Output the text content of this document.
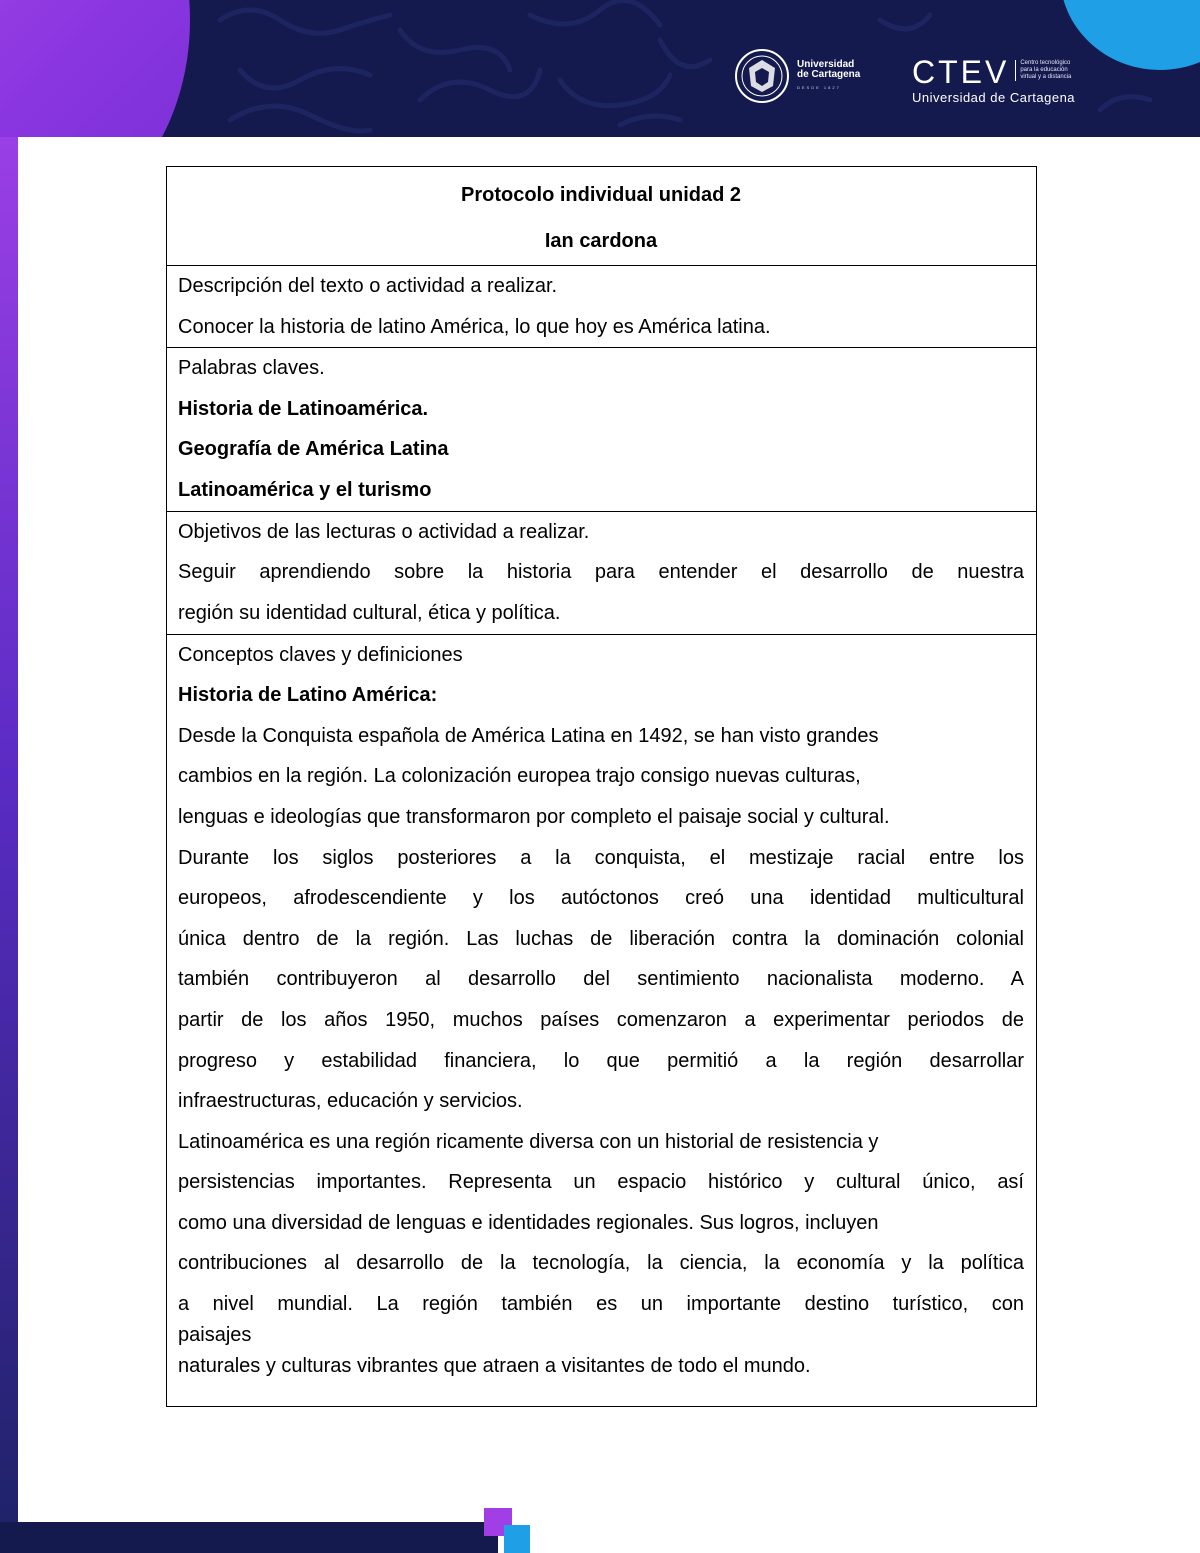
Universidad
de Cartagena
DESDE 1827	CTEV Centro tecnológico para la educación virtual y a distancia
Universidad de Cartagena

Protocolo individual unidad 2

Ian cardona

Descripción del texto o actividad a realizar.

Conocer la historia de latino América, lo que hoy es América latina.

Palabras claves.

Historia de Latinoamérica.

Geografía de América Latina

Latinoamérica y el turismo

Objetivos de las lecturas o actividad a realizar.

Seguir aprendiendo sobre la historia para entender el desarrollo de nuestra

región su identidad cultural, ética y política.

Conceptos claves y definiciones

Historia de Latino América:

Desde la Conquista española de América Latina en 1492, se han visto grandes

cambios en la región. La colonización europea trajo consigo nuevas culturas,

lenguas e ideologías que transformaron por completo el paisaje social y cultural.

Durante los siglos posteriores a la conquista, el mestizaje racial entre los

europeos, afrodescendiente y los autóctonos creó una identidad multicultural

única dentro de la región. Las luchas de liberación contra la dominación colonial

también contribuyeron al desarrollo del sentimiento nacionalista moderno. A

partir de los años 1950, muchos países comenzaron a experimentar periodos de

progreso y estabilidad financiera, lo que permitió a la región desarrollar

infraestructuras, educación y servicios.

Latinoamérica es una región ricamente diversa con un historial de resistencia y

persistencias importantes. Representa un espacio histórico y cultural único, así

como una diversidad de lenguas e identidades regionales. Sus logros, incluyen

contribuciones al desarrollo de la tecnología, la ciencia, la economía y la política

a nivel mundial. La región también es un importante destino turístico, con

paisajes

naturales y culturas vibrantes que atraen a visitantes de todo el mundo.
